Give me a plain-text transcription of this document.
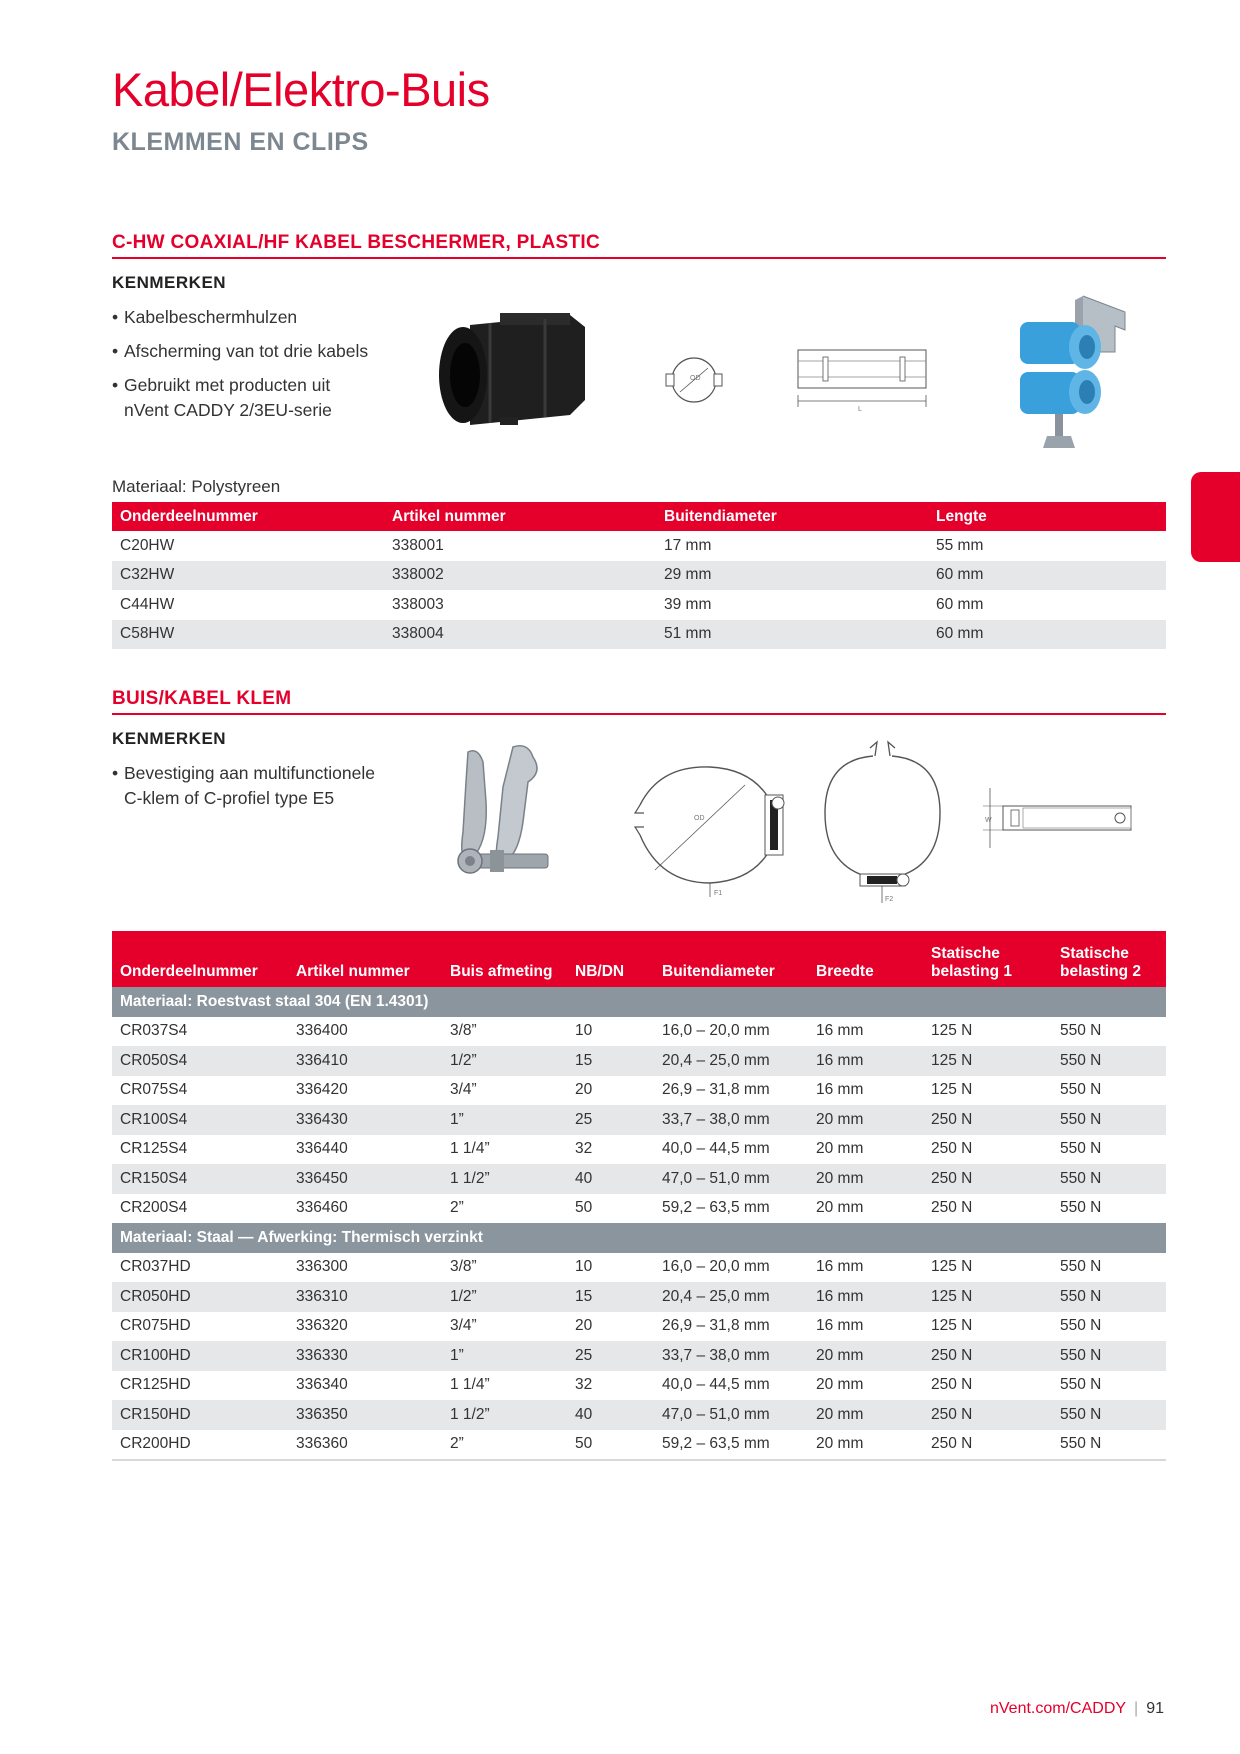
Kabel/Elektro-Buis
KLEMMEN EN CLIPS
C-HW COAXIAL/HF KABEL BESCHERMER, PLASTIC
KENMERKEN
• Kabelbeschermhulzen
• Afscherming van tot drie kabels
• Gebruikt met producten uit
nVent CADDY 2/3EU-serie
OD
L
Materiaal: Polystyreen
Onderdeelnummer	Artikel nummer	Buitendiameter	Lengte
C20HW	338001	17 mm	55 mm
C32HW	338002	29 mm	60 mm
C44HW	338003	39 mm	60 mm
C58HW	338004	51 mm	60 mm
BUIS/KABEL KLEM
KENMERKEN
• Bevestiging aan multifunctionele
C-klem of C-profiel type E5
OD
F1
F2
W
Onderdeelnummer	Artikel nummer	Buis afmeting	NB/DN	Buitendiameter	Breedte	Statische
belasting 1	Statische
belasting 2
Materiaal: Roestvast staal 304 (EN 1.4301)							
CR037S4	336400	3/8”	10	16,0 – 20,0 mm	16 mm	125 N	550 N
CR050S4	336410	1/2”	15	20,4 – 25,0 mm	16 mm	125 N	550 N
CR075S4	336420	3/4”	20	26,9 – 31,8 mm	16 mm	125 N	550 N
CR100S4	336430	1”	25	33,7 – 38,0 mm	20 mm	250 N	550 N
CR125S4	336440	1 1/4”	32	40,0 – 44,5 mm	20 mm	250 N	550 N
CR150S4	336450	1 1/2”	40	47,0 – 51,0 mm	20 mm	250 N	550 N
CR200S4	336460	2”	50	59,2 – 63,5 mm	20 mm	250 N	550 N
Materiaal: Staal — Afwerking: Thermisch verzinkt							
CR037HD	336300	3/8”	10	16,0 – 20,0 mm	16 mm	125 N	550 N
CR050HD	336310	1/2”	15	20,4 – 25,0 mm	16 mm	125 N	550 N
CR075HD	336320	3/4”	20	26,9 – 31,8 mm	16 mm	125 N	550 N
CR100HD	336330	1”	25	33,7 – 38,0 mm	20 mm	250 N	550 N
CR125HD	336340	1 1/4”	32	40,0 – 44,5 mm	20 mm	250 N	550 N
CR150HD	336350	1 1/2”	40	47,0 – 51,0 mm	20 mm	250 N	550 N
CR200HD	336360	2”	50	59,2 – 63,5 mm	20 mm	250 N	550 N
nVent.com/CADDY | 91
